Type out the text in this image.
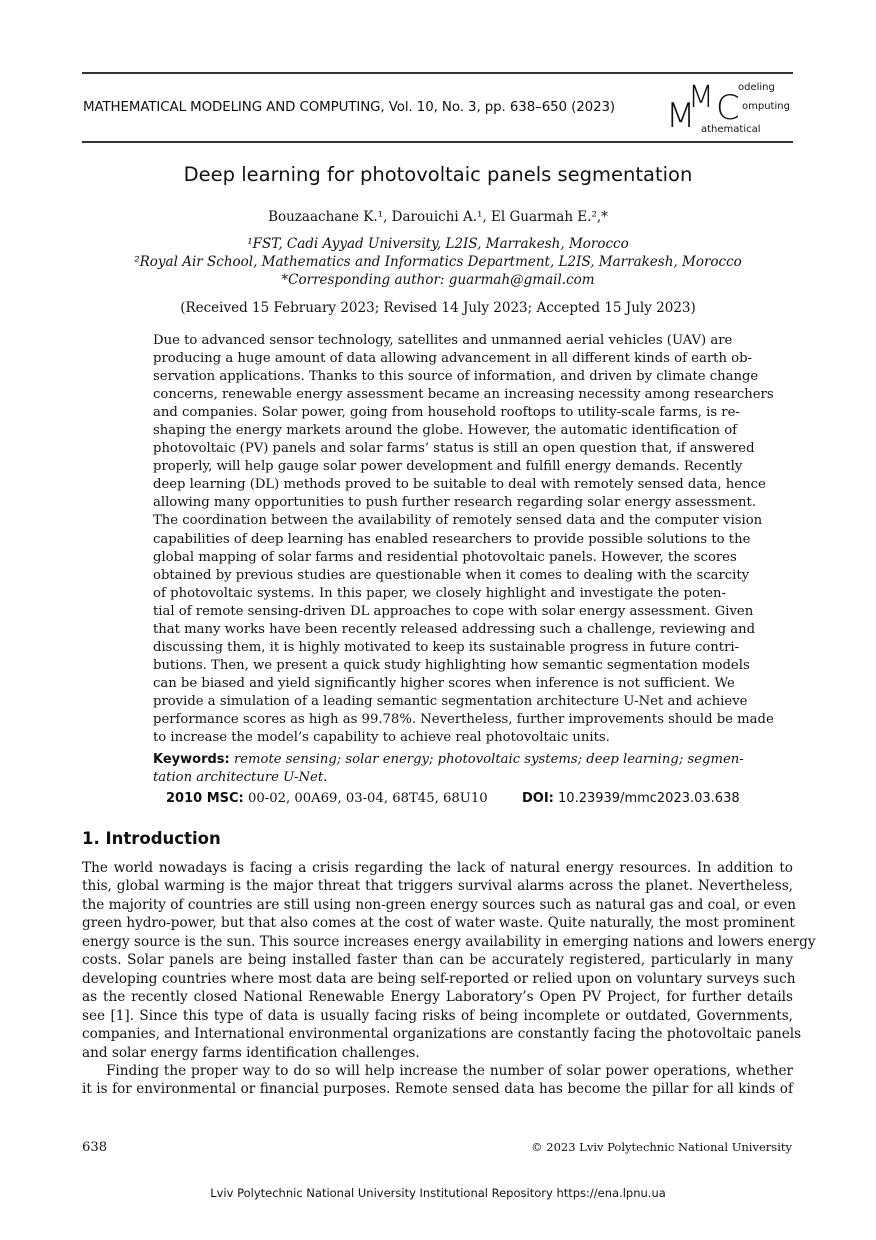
MATHEMATICAL MODELING AND COMPUTING, Vol. 10, No. 3, pp. 638–650 (2023) M
M C
odeling
omputing
athematical
Deep learning for photovoltaic panels segmentation
Bouzaachane K.¹, Darouichi A.¹, El Guarmah E.²,*
¹FST, Cadi Ayyad University, L2IS, Marrakesh, Morocco
²Royal Air School, Mathematics and Informatics Department, L2IS, Marrakesh, Morocco
*Corresponding author: guarmah@gmail.com
(Received 15 February 2023; Revised 14 July 2023; Accepted 15 July 2023)
Due to advanced sensor technology, satellites and unmanned aerial vehicles (UAV) are
producing a huge amount of data allowing advancement in all different kinds of earth ob-
servation applications. Thanks to this source of information, and driven by climate change
concerns, renewable energy assessment became an increasing necessity among researchers
and companies. Solar power, going from household rooftops to utility-scale farms, is re-
shaping the energy markets around the globe. However, the automatic identification of
photovoltaic (PV) panels and solar farms’ status is still an open question that, if answered
properly, will help gauge solar power development and fulfill energy demands. Recently
deep learning (DL) methods proved to be suitable to deal with remotely sensed data, hence
allowing many opportunities to push further research regarding solar energy assessment.
The coordination between the availability of remotely sensed data and the computer vision
capabilities of deep learning has enabled researchers to provide possible solutions to the
global mapping of solar farms and residential photovoltaic panels. However, the scores
obtained by previous studies are questionable when it comes to dealing with the scarcity
of photovoltaic systems. In this paper, we closely highlight and investigate the poten-
tial of remote sensing-driven DL approaches to cope with solar energy assessment. Given
that many works have been recently released addressing such a challenge, reviewing and
discussing them, it is highly motivated to keep its sustainable progress in future contri-
butions. Then, we present a quick study highlighting how semantic segmentation models
can be biased and yield significantly higher scores when inference is not sufficient. We
provide a simulation of a leading semantic segmentation architecture U-Net and achieve
performance scores as high as 99.78%. Nevertheless, further improvements should be made
to increase the model’s capability to achieve real photovoltaic units.
Keywords: remote sensing; solar energy; photovoltaic systems; deep learning; segmen-
tation architecture U-Net.
2010 MSC: 00-02, 00A69, 03-04, 68T45, 68U10	DOI: 10.23939/mmc2023.03.638
1. Introduction
The world nowadays is facing a crisis regarding the lack of natural energy resources. In addition to
this, global warming is the major threat that triggers survival alarms across the planet. Nevertheless,
the majority of countries are still using non-green energy sources such as natural gas and coal, or even
green hydro-power, but that also comes at the cost of water waste. Quite naturally, the most prominent
energy source is the sun. This source increases energy availability in emerging nations and lowers energy
costs. Solar panels are being installed faster than can be accurately registered, particularly in many
developing countries where most data are being self-reported or relied upon on voluntary surveys such
as the recently closed National Renewable Energy Laboratory’s Open PV Project, for further details
see [1]. Since this type of data is usually facing risks of being incomplete or outdated, Governments,
companies, and International environmental organizations are constantly facing the photovoltaic panels
and solar energy farms identification challenges.
Finding the proper way to do so will help increase the number of solar power operations, whether
it is for environmental or financial purposes. Remote sensed data has become the pillar for all kinds of
638	© 2023 Lviv Polytechnic National University
Lviv Polytechnic National University Institutional Repository https://ena.lpnu.ua
